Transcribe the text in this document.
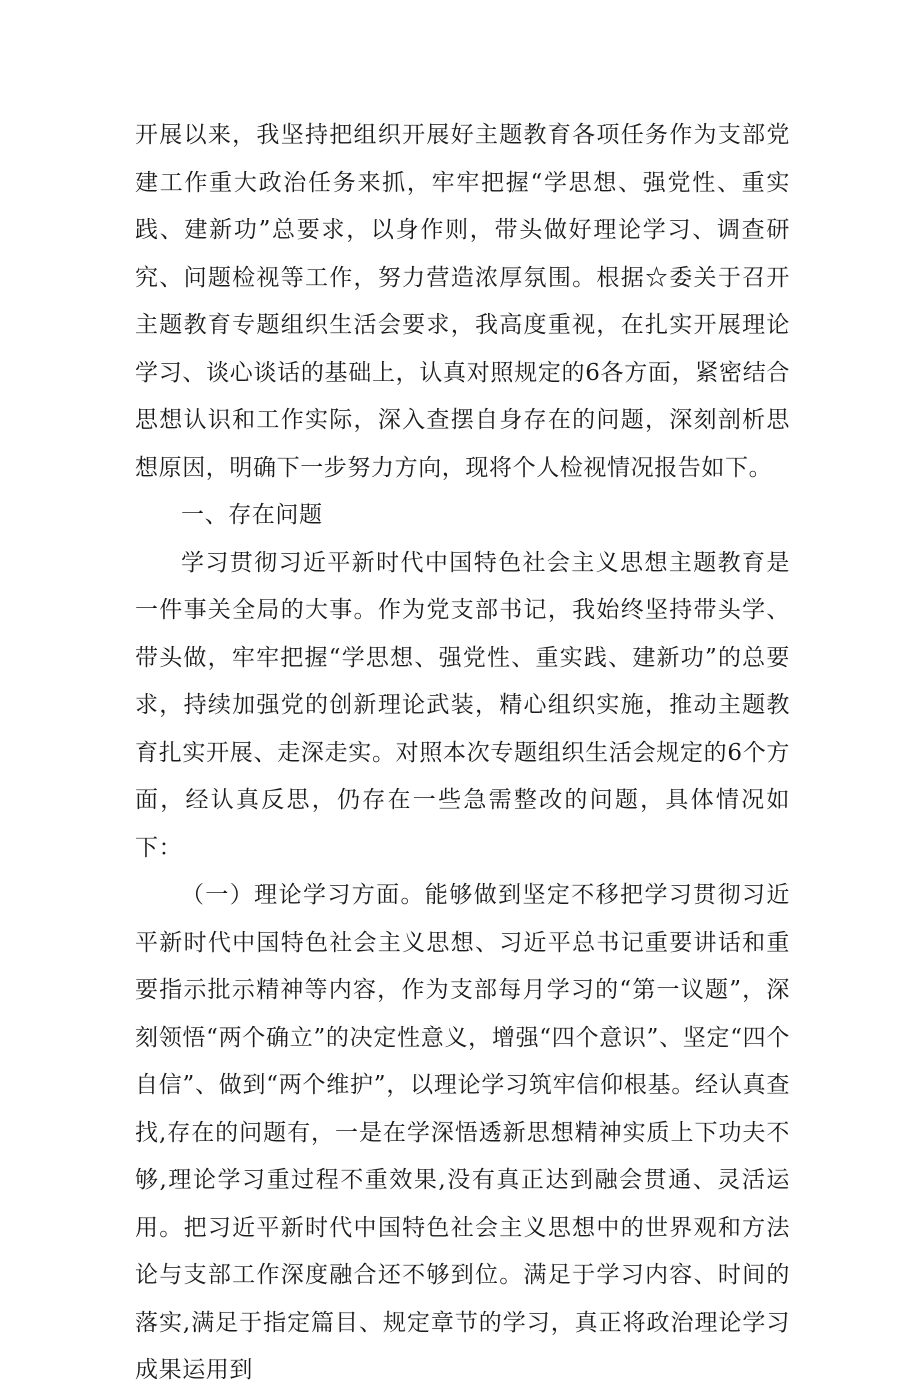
开展以来，我坚持把组织开展好主题教育各项任务作为支部党建工作重大政治任务来抓，牢牢把握“学思想、强党性、重实践、建新功”总要求，以身作则，带头做好理论学习、调查研究、问题检视等工作，努力营造浓厚氛围。根据☆委关于召开主题教育专题组织生活会要求，我高度重视，在扎实开展理论学习、谈心谈话的基础上，认真对照规定的6各方面，紧密结合思想认识和工作实际，深入查摆自身存在的问题，深刻剖析思想原因，明确下一步努力方向，现将个人检视情况报告如下。

一、存在问题

学习贯彻习近平新时代中国特色社会主义思想主题教育是一件事关全局的大事。作为党支部书记，我始终坚持带头学、带头做，牢牢把握“学思想、强党性、重实践、建新功”的总要求，持续加强党的创新理论武装，精心组织实施，推动主题教育扎实开展、走深走实。对照本次专题组织生活会规定的6个方面，经认真反思，仍存在一些急需整改的问题，具体情况如下：

（一）理论学习方面。能够做到坚定不移把学习贯彻习近平新时代中国特色社会主义思想、习近平总书记重要讲话和重要指示批示精神等内容，作为支部每月学习的“第一议题”，深刻领悟“两个确立”的决定性意义，增强“四个意识”、坚定“四个自信”、做到“两个维护”，以理论学习筑牢信仰根基。经认真查找,存在的问题有，一是在学深悟透新思想精神实质上下功夫不够,理论学习重过程不重效果,没有真正达到融会贯通、灵活运用。把习近平新时代中国特色社会主义思想中的世界观和方法论与支部工作深度融合还不够到位。满足于学习内容、时间的落实,满足于指定篇目、规定章节的学习，真正将政治理论学习成果运用到
